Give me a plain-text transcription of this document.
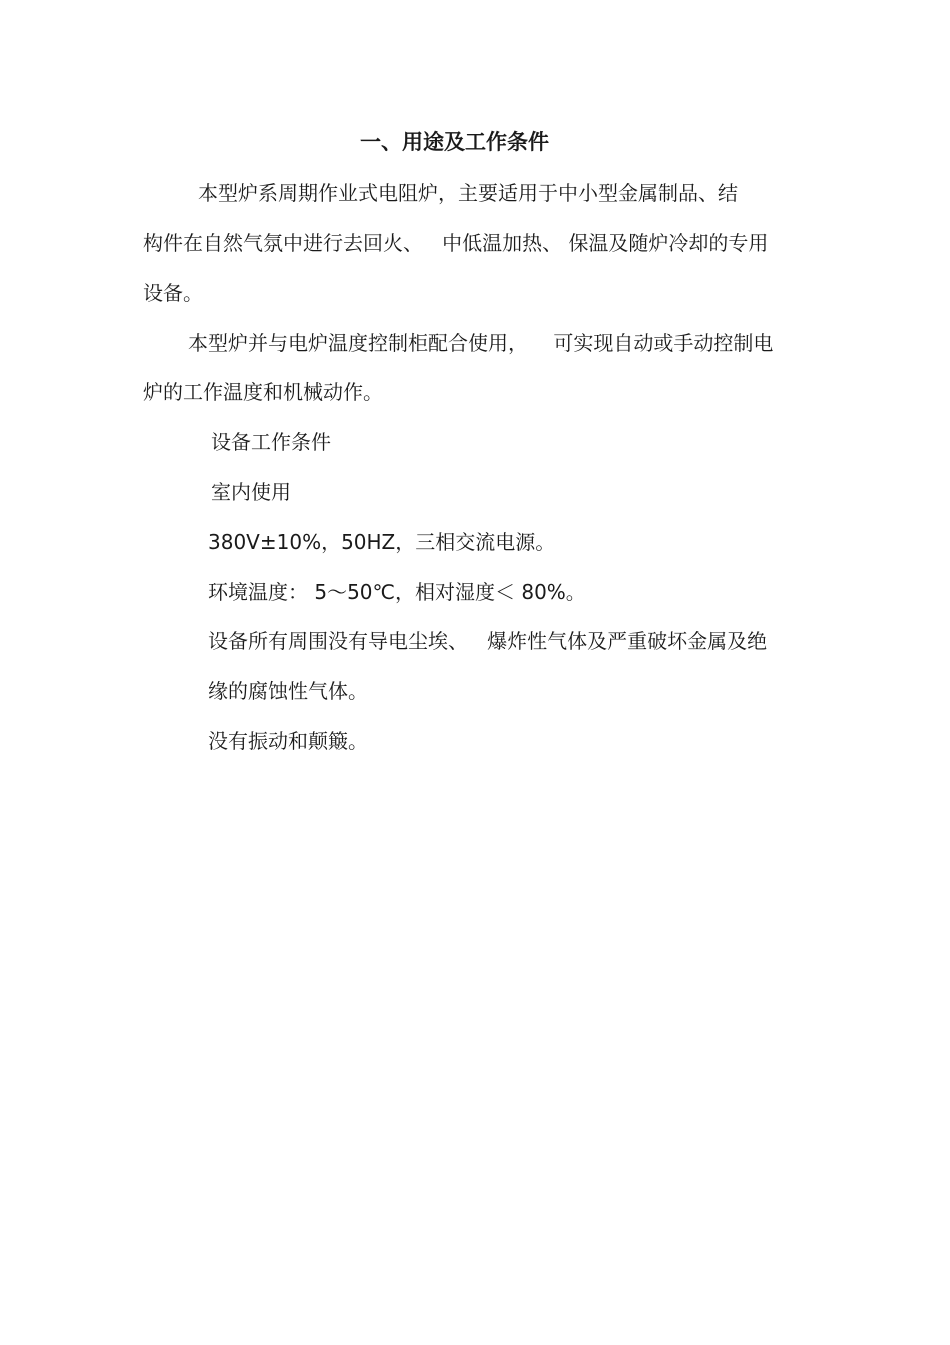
一、用途及工作条件

本型炉系周期作业式电阻炉，主要适用于中小型金属制品、结

构件在自然气氛中进行去回火、   中低温加热、 保温及随炉冷却的专用

设备。

本型炉并与电炉温度控制柜配合使用，    可实现自动或手动控制电

炉的工作温度和机械动作。

设备工作条件

室内使用

380V±10%，50HZ，三相交流电源。

环境温度： 5～50℃，相对湿度＜ 80%。

设备所有周围没有导电尘埃、   爆炸性气体及严重破坏金属及绝

缘的腐蚀性气体。

没有振动和颠簸。
